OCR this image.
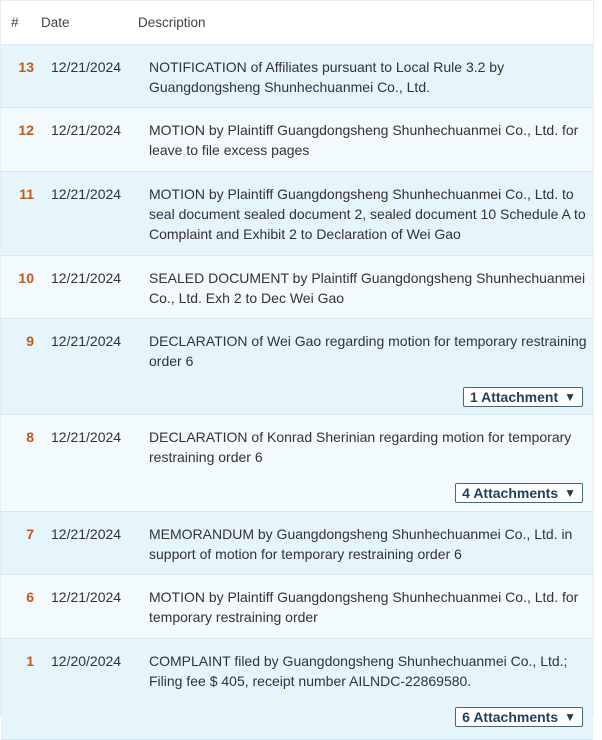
#	Date	Description
13 12/21/2024	NOTIFICATION of Affiliates pursuant to Local Rule 3.2 by Guangdongsheng Shunhechuanmei Co., Ltd.
12 12/21/2024	MOTION by Plaintiff Guangdongsheng Shunhechuanmei Co., Ltd. for leave to file excess pages
11 12/21/2024	MOTION by Plaintiff Guangdongsheng Shunhechuanmei Co., Ltd. to seal document sealed document 2, sealed document 10 Schedule A to Complaint and Exhibit 2 to Declaration of Wei Gao
10 12/21/2024	SEALED DOCUMENT by Plaintiff Guangdongsheng Shunhechuanmei Co., Ltd. Exh 2 to Dec Wei Gao
9 12/21/2024	DECLARATION of Wei Gao regarding motion for temporary restraining order 6
1 Attachment ▼
8 12/21/2024	DECLARATION of Konrad Sherinian regarding motion for temporary restraining order 6
4 Attachments ▼
7 12/21/2024	MEMORANDUM by Guangdongsheng Shunhechuanmei Co., Ltd. in support of motion for temporary restraining order 6
6 12/21/2024	MOTION by Plaintiff Guangdongsheng Shunhechuanmei Co., Ltd. for temporary restraining order
1 12/20/2024	COMPLAINT filed by Guangdongsheng Shunhechuanmei Co., Ltd.; Filing fee $ 405, receipt number AILNDC-22869580.
6 Attachments ▼
